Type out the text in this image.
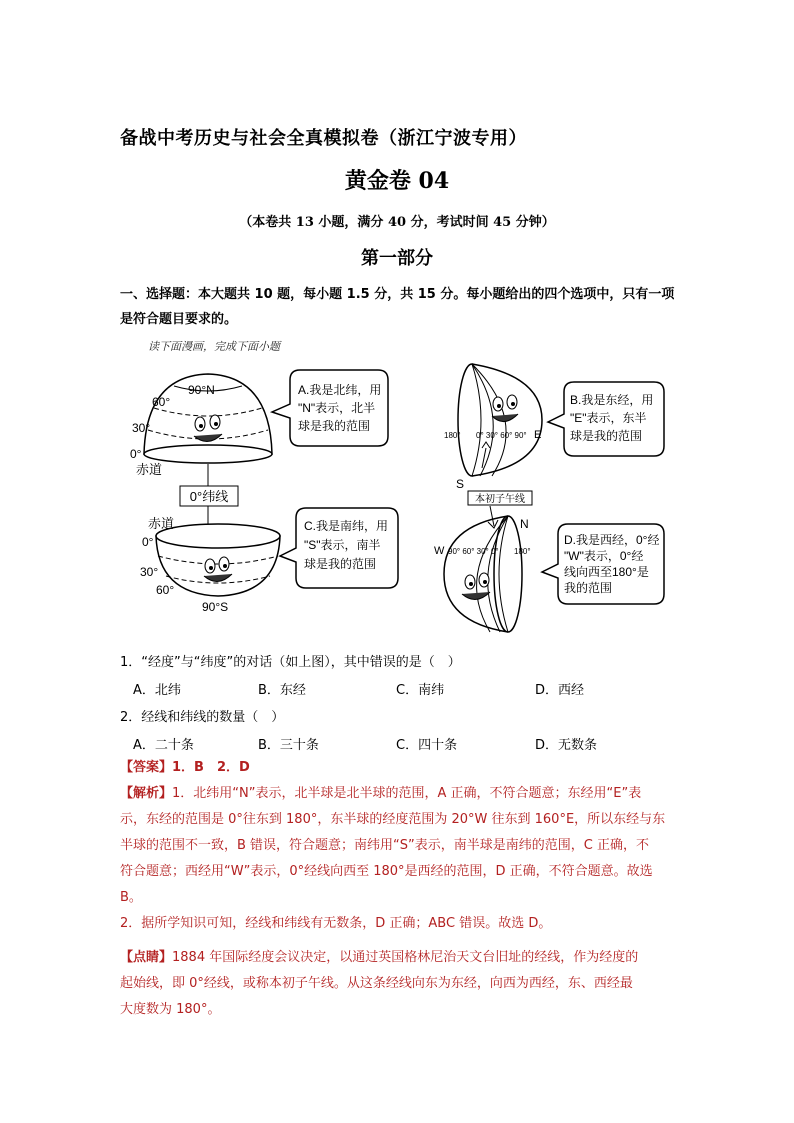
备战中考历史与社会全真模拟卷（浙江宁波专用）
黄金卷 04
（本卷共 13 小题，满分 40 分，考试时间 45 分钟）
第一部分
一、选择题：本大题共 10 题，每小题 1.5 分，共 15 分。每小题给出的四个选项中，只有一项是符合题目要求的。
读下面漫画，完成下面小题
90°N
60°
30°
0°
赤道
0°纬线
赤道
0°
30°
60°
90°S
A.我是北纬，用
"N"表示，北半
球是我的范围
C.我是南纬，用
"S"表示，南半
球是我的范围
180° 0° 30° 60° 90° E
S
本初子午线
B.我是东经，用
"E"表示，东半
球是我的范围
N
W 90° 60° 30° 0° 180°
D.我是西经，0°经
"W"表示，0°经
线向西至180°是
我的范围
1．“经度”与“纬度”的对话（如上图），其中错误的是（　）
A．北纬	B．东经	C．南纬	D．西经
2．经线和纬线的数量（　）
A．二十条	B．三十条	C．四十条	D．无数条
【答案】1．B　2．D
【解析】1．北纬用“N”表示，北半球是北半球的范围，A 正确，不符合题意；东经用“E”表
示，东经的范围是 0°往东到 180°，东半球的经度范围为 20°W 往东到 160°E，所以东经与东
半球的范围不一致，B 错误，符合题意；南纬用“S”表示，南半球是南纬的范围，C 正确，不
符合题意；西经用“W”表示，0°经线向西至 180°是西经的范围，D 正确，不符合题意。故选
B。
2．据所学知识可知，经线和纬线有无数条，D 正确；ABC 错误。故选 D。
【点睛】1884 年国际经度会议决定，以通过英国格林尼治天文台旧址的经线，作为经度的
起始线，即 0°经线，或称本初子午线。从这条经线向东为东经，向西为西经，东、西经最
大度数为 180°。
